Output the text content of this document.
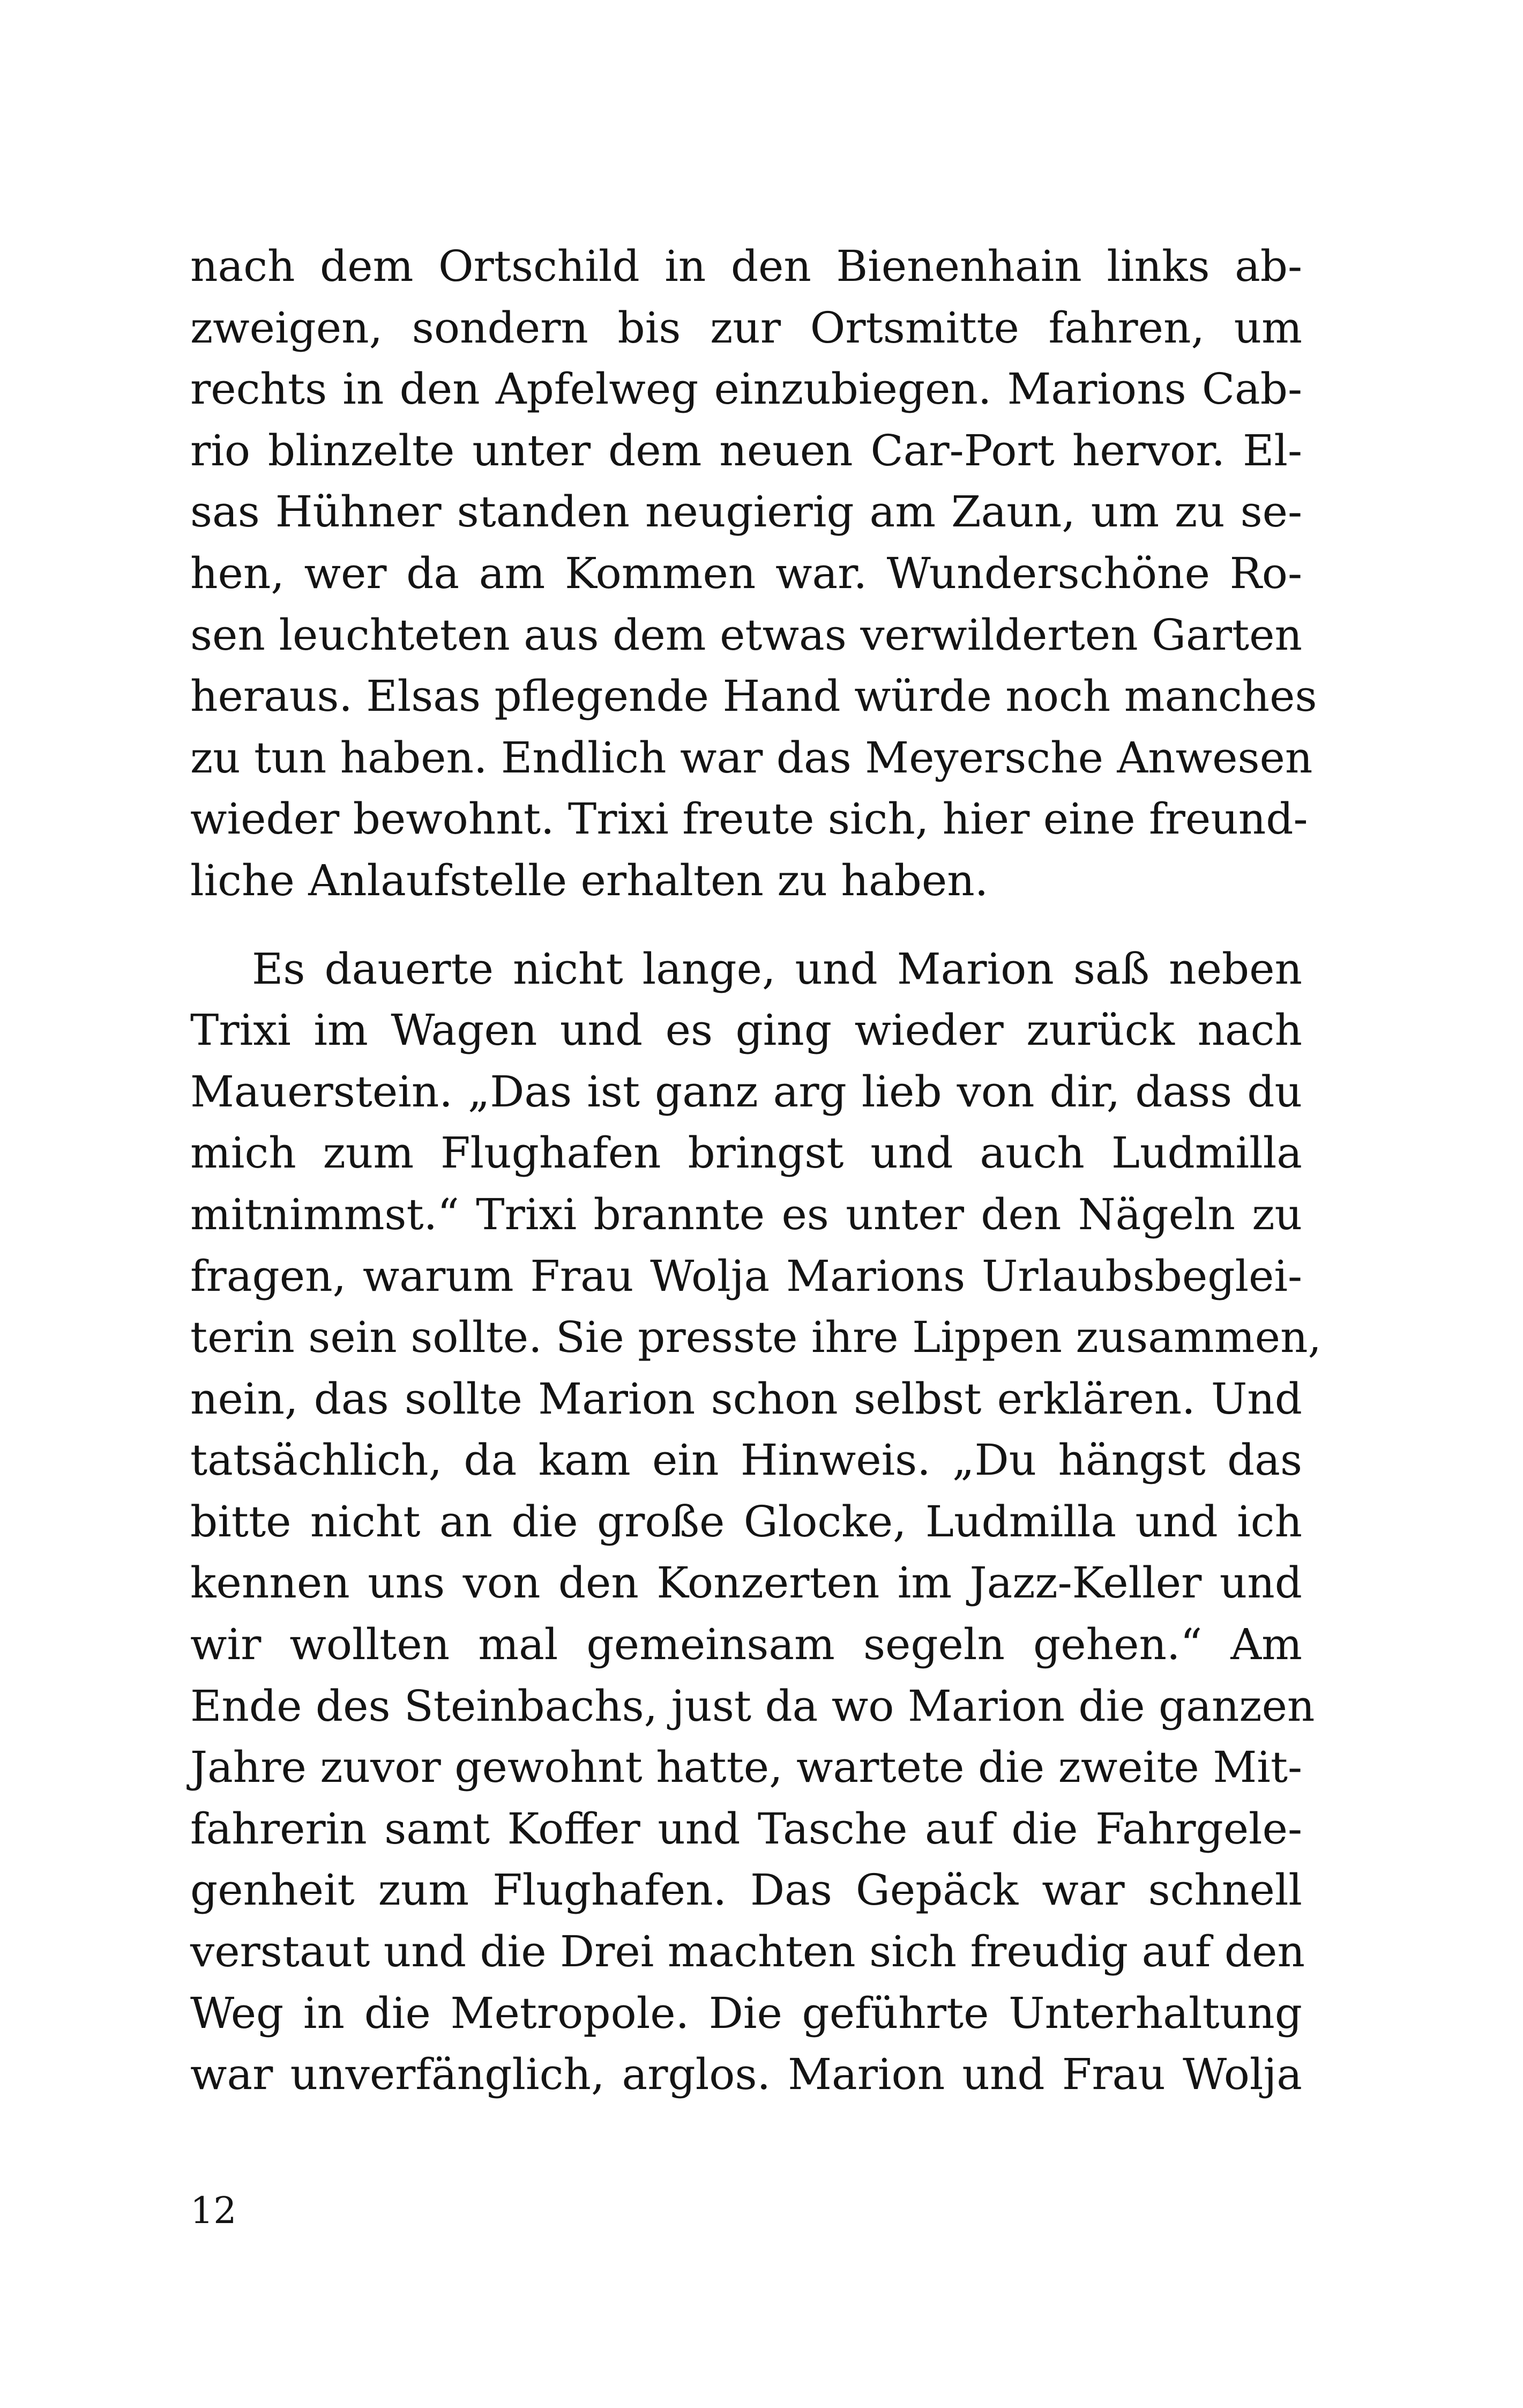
nach dem Ortschild in den Bienenhain links ab-
zweigen, sondern bis zur Ortsmitte fahren, um
rechts in den Apfelweg einzubiegen. Marions Cab-
rio blinzelte unter dem neuen Car-Port hervor. El-
sas Hühner standen neugierig am Zaun, um zu se-
hen, wer da am Kommen war. Wunderschöne Ro-
sen leuchteten aus dem etwas verwilderten Garten
heraus. Elsas pflegende Hand würde noch manches
zu tun haben. Endlich war das Meyersche Anwesen
wieder bewohnt. Trixi freute sich, hier eine freund-
liche Anlaufstelle erhalten zu haben.
Es dauerte nicht lange, und Marion saß neben
Trixi im Wagen und es ging wieder zurück nach
Mauerstein. „Das ist ganz arg lieb von dir, dass du
mich zum Flughafen bringst und auch Ludmilla
mitnimmst.“ Trixi brannte es unter den Nägeln zu
fragen, warum Frau Wolja Marions Urlaubsbeglei-
terin sein sollte. Sie presste ihre Lippen zusammen,
nein, das sollte Marion schon selbst erklären. Und
tatsächlich, da kam ein Hinweis. „Du hängst das
bitte nicht an die große Glocke, Ludmilla und ich
kennen uns von den Konzerten im Jazz-Keller und
wir wollten mal gemeinsam segeln gehen.“ Am
Ende des Steinbachs, just da wo Marion die ganzen
Jahre zuvor gewohnt hatte, wartete die zweite Mit-
fahrerin samt Koffer und Tasche auf die Fahrgele-
genheit zum Flughafen. Das Gepäck war schnell
verstaut und die Drei machten sich freudig auf den
Weg in die Metropole. Die geführte Unterhaltung
war unverfänglich, arglos. Marion und Frau Wolja
12
